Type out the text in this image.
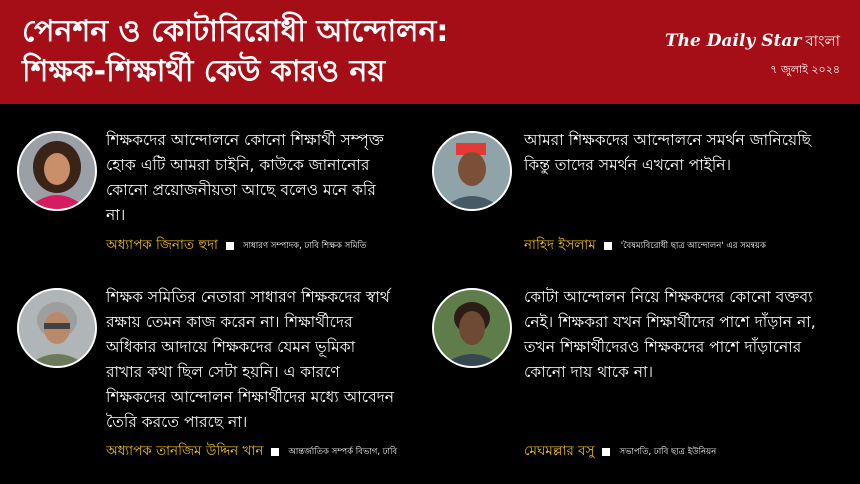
পেনশন ও কোটাবিরোধী আন্দোলন:
শিক্ষক-শিক্ষার্থী কেউ কারও নয়
The Daily Star বাংলা
৭ জুলাই ২০২৪
শিক্ষকদের আন্দোলনে কোনো শিক্ষার্থী সম্পৃক্ত হোক এটি আমরা চাইনি, কাউকে জানানোর কোনো প্রয়োজনীয়তা আছে বলেও মনে করি না।
অধ্যাপক জিনাত হুদা	সাধারণ সম্পাদক, ঢাবি শিক্ষক সমিতি
আমরা শিক্ষকদের আন্দোলনে সমর্থন জানিয়েছি কিন্তু তাদের সমর্থন এখনো পাইনি।
নাহিদ ইসলাম	'বৈষম্যবিরোধী ছাত্র আন্দোলন' এর সমন্বয়ক
শিক্ষক সমিতির নেতারা সাধারণ শিক্ষকদের স্বার্থ রক্ষায় তেমন কাজ করেন না। শিক্ষার্থীদের অধিকার আদায়ে শিক্ষকদের যেমন ভূমিকা রাখার কথা ছিল সেটা হয়নি। এ কারণে শিক্ষকদের আন্দোলন শিক্ষার্থীদের মধ্যে আবেদন তৈরি করতে পারছে না।
অধ্যাপক তানজিম উদ্দিন খান	আন্তর্জাতিক সম্পর্ক বিভাগ, ঢাবি
কোটা আন্দোলন নিয়ে শিক্ষকদের কোনো বক্তব্য নেই। শিক্ষকরা যখন শিক্ষার্থীদের পাশে দাঁড়ান না, তখন শিক্ষার্থীদেরও শিক্ষকদের পাশে দাঁড়ানোর কোনো দায় থাকে না।
মেঘমল্লার বসু	সভাপতি, ঢাবি ছাত্র ইউনিয়ন
